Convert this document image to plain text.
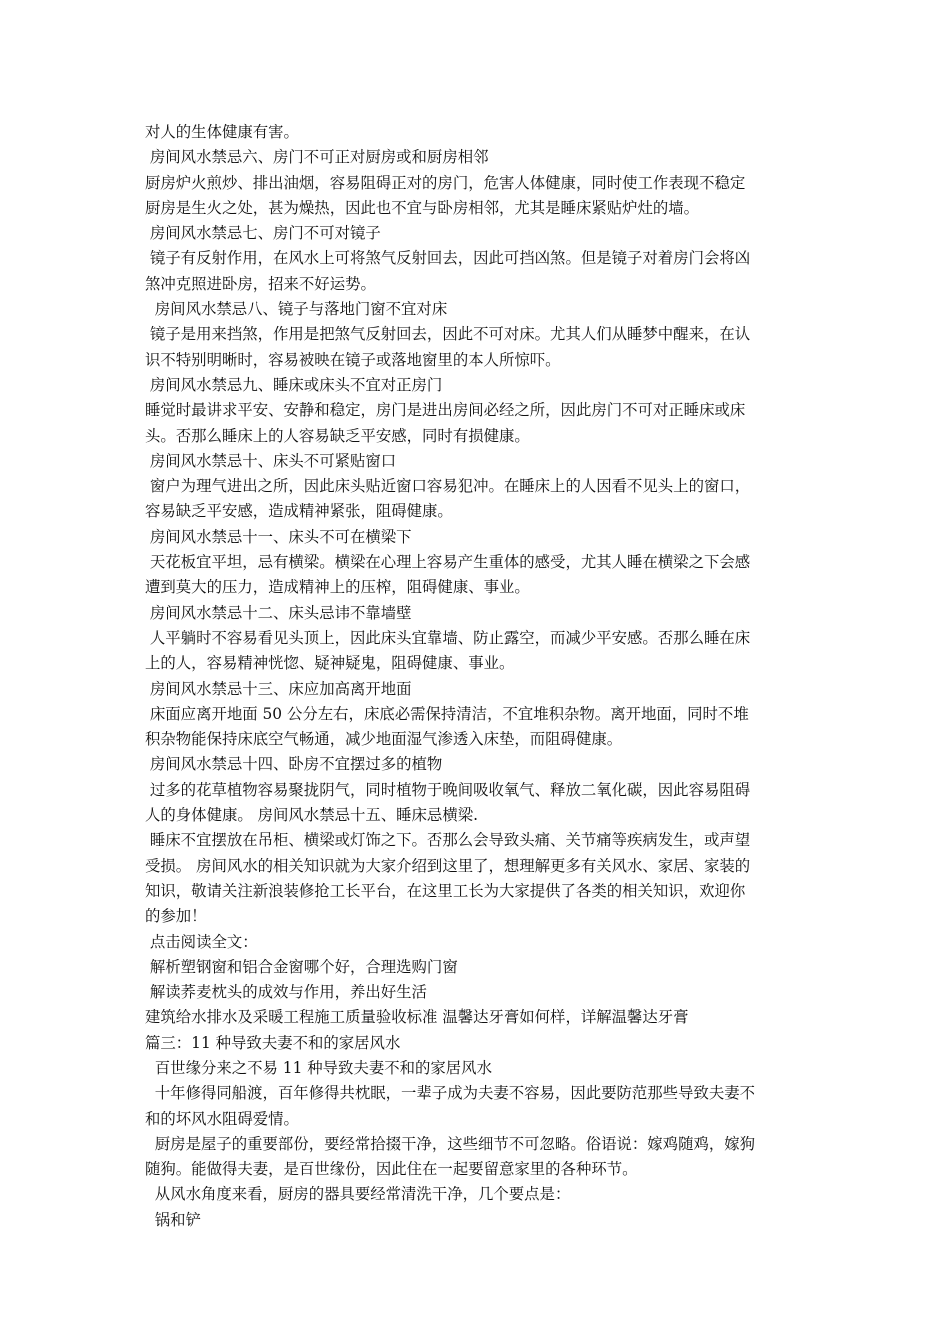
对人的生体健康有害。
房间风水禁忌六、房门不可正对厨房或和厨房相邻
厨房炉火煎炒、排出油烟，容易阻碍正对的房门，危害人体健康，同时使工作表现不稳定
厨房是生火之处，甚为燥热，因此也不宜与卧房相邻，尤其是睡床紧贴炉灶的墙。
房间风水禁忌七、房门不可对镜子
镜子有反射作用，在风水上可将煞气反射回去，因此可挡凶煞。但是镜子对着房门会将凶
煞冲克照进卧房，招来不好运势。
房间风水禁忌八、镜子与落地门窗不宜对床
镜子是用来挡煞，作用是把煞气反射回去，因此不可对床。尤其人们从睡梦中醒来，在认
识不特别明晰时，容易被映在镜子或落地窗里的本人所惊吓。
房间风水禁忌九、睡床或床头不宜对正房门
睡觉时最讲求平安、安静和稳定，房门是进出房间必经之所，因此房门不可对正睡床或床
头。否那么睡床上的人容易缺乏平安感，同时有损健康。
房间风水禁忌十、床头不可紧贴窗口
窗户为理气进出之所，因此床头贴近窗口容易犯冲。在睡床上的人因看不见头上的窗口，
容易缺乏平安感，造成精神紧张，阻碍健康。
房间风水禁忌十一、床头不可在横梁下
天花板宜平坦，忌有横梁。横梁在心理上容易产生重体的感受，尤其人睡在横梁之下会感
遭到莫大的压力，造成精神上的压榨，阻碍健康、事业。
房间风水禁忌十二、床头忌讳不靠墙壁
人平躺时不容易看见头顶上，因此床头宜靠墙、防止露空，而减少平安感。否那么睡在床
上的人，容易精神恍惚、疑神疑鬼，阻碍健康、事业。
房间风水禁忌十三、床应加高离开地面
床面应离开地面 50 公分左右，床底必需保持清洁，不宜堆积杂物。离开地面，同时不堆
积杂物能保持床底空气畅通，减少地面湿气渗透入床垫，而阻碍健康。
房间风水禁忌十四、卧房不宜摆过多的植物
过多的花草植物容易聚拢阴气，同时植物于晚间吸收氧气、释放二氧化碳，因此容易阻碍
人的身体健康。 房间风水禁忌十五、睡床忌横梁.
睡床不宜摆放在吊柜、横梁或灯饰之下。否那么会导致头痛、关节痛等疾病发生，或声望
受损。 房间风水的相关知识就为大家介绍到这里了，想理解更多有关风水、家居、家装的
知识，敬请关注新浪装修抢工长平台，在这里工长为大家提供了各类的相关知识，欢迎你
的参加！
点击阅读全文：
解析塑钢窗和铝合金窗哪个好，合理选购门窗
解读荞麦枕头的成效与作用，养出好生活
建筑给水排水及采暖工程施工质量验收标准 温馨达牙膏如何样，详解温馨达牙膏
篇三：11 种导致夫妻不和的家居风水
百世缘分来之不易 11 种导致夫妻不和的家居风水
十年修得同船渡，百年修得共枕眠，一辈子成为夫妻不容易，因此要防范那些导致夫妻不
和的坏风水阻碍爱情。
厨房是屋子的重要部份，要经常拾掇干净，这些细节不可忽略。俗语说：嫁鸡随鸡，嫁狗
随狗。能做得夫妻，是百世缘份，因此住在一起要留意家里的各种环节。
从风水角度来看，厨房的器具要经常清洗干净，几个要点是：
锅和铲
